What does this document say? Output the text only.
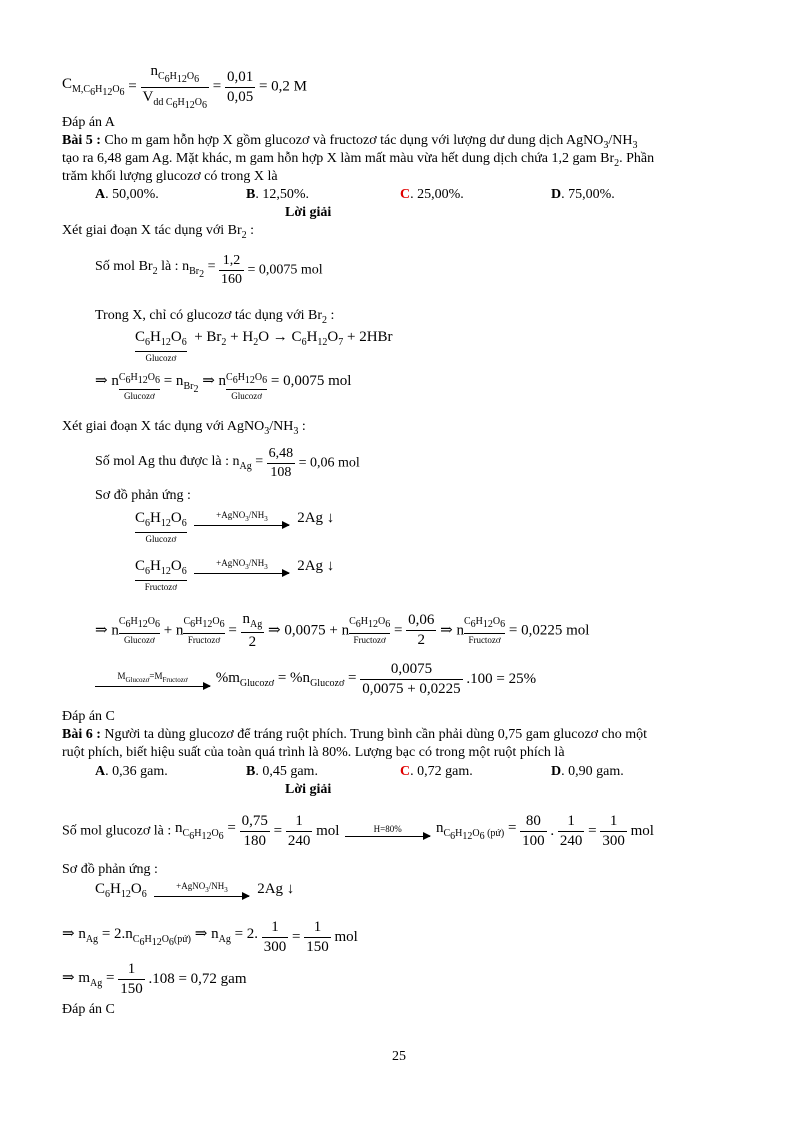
$C_{M,C_6H_{12}O_6} = \frac{n_{C_6H_{12}O_6}}{V_{dd C_6H_{12}O_6}} = \frac{0,01}{0,05} = 0,2$ M
Đáp án A
Bài 5 : Cho m gam hỗn hợp X gồm glucozơ và fructozơ tác dụng với lượng dư dung dịch $AgNO_3/NH_3$
tạo ra 6,48 gam Ag. Mặt khác, m gam hỗn hợp X làm mất màu vừa hết dung dịch chứa 1,2 gam $Br_2$. Phần
trăm khối lượng glucozơ có trong X là
A. 50,00%.	B. 12,50%.	C. 25,00%.	D. 75,00%.
Lời giải
Xét giai đoạn X tác dụng với $Br_2$ :
Số mol $Br_2$ là : $n_{Br_2} = \frac{1,2}{160} = 0,0075$ mol
Trong X, chỉ có glucozơ tác dụng với $Br_2$ :
$C_6H_{12}O_6$
Glucozơ
+ $Br_2 + H_2O \to C_6H_{12}O_7 + 2HBr$
⇒ n $C_6H_{12}O_6$
Glucozơ
= $n_{Br_2}$ ⇒ n $C_6H_{12}O_6$
Glucozơ
= 0,0075 mol
Xét giai đoạn X tác dụng với $AgNO_3/NH_3$ :
Số mol Ag thu được là : $n_{Ag} = \frac{6,48}{108} = 0,06$ mol
Sơ đồ phản ứng :
$C_6H_{12}O_6$
Glucozơ

$+AgNO_3/NH_3$	2Ag ↓
$C_6H_{12}O_6$
Fructozơ

$+AgNO_3/NH_3$	2Ag ↓
⇒ n
$C_6H_{12}O_6$
Glucozơ
+ n
$C_6H_{12}O_6$
Fructozơ
= $\frac{n_{Ag}}{2}$ ⇒ 0,0075 + n
$C_6H_{12}O_6$
Fructozơ
= $\frac{0,06}{2}$ ⇒ n
$C_6H_{12}O_6$
Fructozơ
= 0,0225 mol
$M_{Glucozơ}=M_{Fructozơ}$	$\%m_{Glucozơ} = \%n_{Glucozơ} = \frac{0,0075}{0,0075 + 0,0225} .100 = 25\%$
Đáp án C
Bài 6 : Người ta dùng glucozơ để tráng ruột phích. Trung bình cần phải dùng 0,75 gam glucozơ cho một
ruột phích, biết hiệu suất của toàn quá trình là 80%. Lượng bạc có trong một ruột phích là
A. 0,36 gam.	B. 0,45 gam.	C. 0,72 gam.	D. 0,90 gam.
Lời giải
Số mol glucozơ là : $n_{C_6H_{12}O_6} = \frac{0,75}{180} = \frac{1}{240}$ mol	H=80%	$n_{C_6H_{12}O_6 (pứ)} = \frac{80}{100}$ . $\frac{1}{240} = \frac{1}{300}$ mol
Sơ đồ phản ứng :
$C_6H_{12}O_6$
$+AgNO_3/NH_3$	2Ag ↓
⇒ $n_{Ag} = 2.n_{C_6H_{12}O_6(pứ)}$ ⇒ $n_{Ag} = 2$. $\frac{1}{300} = \frac{1}{150}$ mol
⇒ $m_{Ag} = \frac{1}{150} .108 = 0,72$ gam
Đáp án C
25
